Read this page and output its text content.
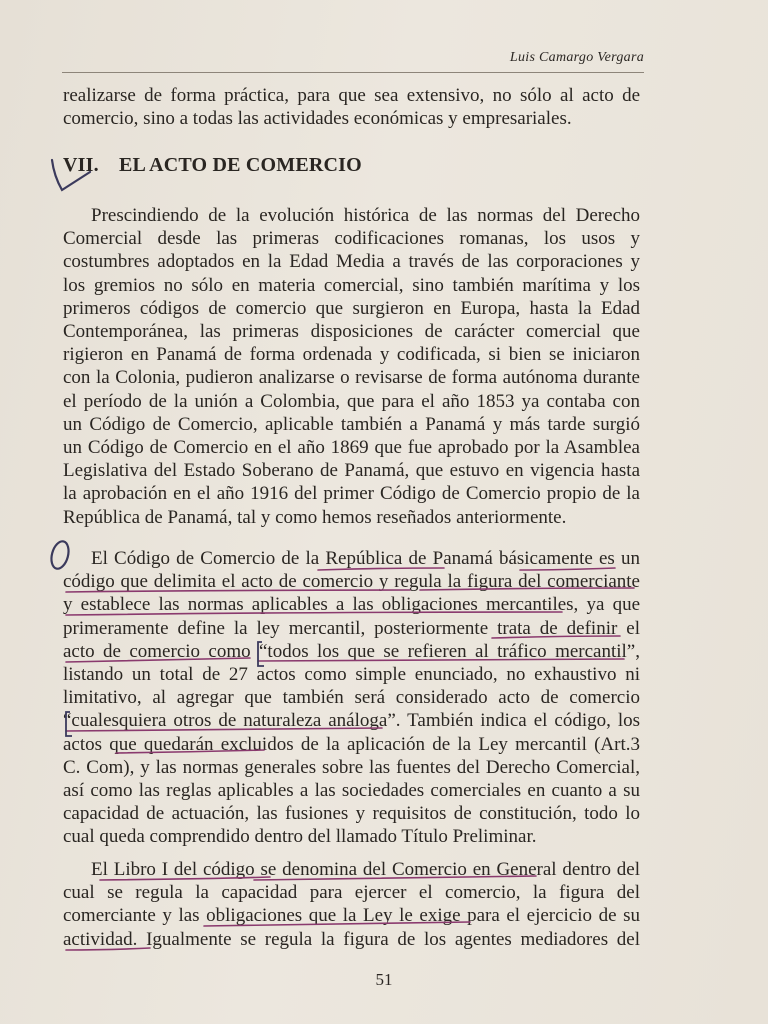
Luis Camargo Vergara
realizarse de forma práctica, para que sea extensivo, no sólo al acto de
comercio, sino a todas las actividades económicas y empresariales.
VII. EL ACTO DE COMERCIO
Prescindiendo de la evolución histórica de las normas del Derecho
Comercial desde las primeras codificaciones romanas, los usos y
costumbres adoptados en la Edad Media a través de las corporaciones y
los gremios no sólo en materia comercial, sino también marítima y los
primeros códigos de comercio que surgieron en Europa, hasta la Edad
Contemporánea, las primeras disposiciones de carácter comercial que
rigieron en Panamá de forma ordenada y codificada, si bien se iniciaron
con la Colonia, pudieron analizarse o revisarse de forma autónoma durante
el período de la unión a Colombia, que para el año 1853 ya contaba con
un Código de Comercio, aplicable también a Panamá y más tarde surgió
un Código de Comercio en el año 1869 que fue aprobado por la Asamblea
Legislativa del Estado Soberano de Panamá, que estuvo en vigencia hasta
la aprobación en el año 1916 del primer Código de Comercio propio de la
República de Panamá, tal y como hemos reseñados anteriormente.
El Código de Comercio de la República de Panamá básicamente es un
código que delimita el acto de comercio y regula la figura del comerciante
y establece las normas aplicables a las obligaciones mercantiles, ya que
primeramente define la ley mercantil, posteriormente trata de definir el
acto de comercio como “todos los que se refieren al tráfico mercantil”,
listando un total de 27 actos como simple enunciado, no exhaustivo ni
limitativo, al agregar que también será considerado acto de comercio
“cualesquiera otros de naturaleza análoga”. También indica el código, los
actos que quedarán excluidos de la aplicación de la Ley mercantil (Art.3
C. Com), y las normas generales sobre las fuentes del Derecho Comercial,
así como las reglas aplicables a las sociedades comerciales en cuanto a su
capacidad de actuación, las fusiones y requisitos de constitución, todo lo
cual queda comprendido dentro del llamado Título Preliminar.
El Libro I del código se denomina del Comercio en General dentro del
cual se regula la capacidad para ejercer el comercio, la figura del
comerciante y las obligaciones que la Ley le exige para el ejercicio de su
actividad. Igualmente se regula la figura de los agentes mediadores del
51
